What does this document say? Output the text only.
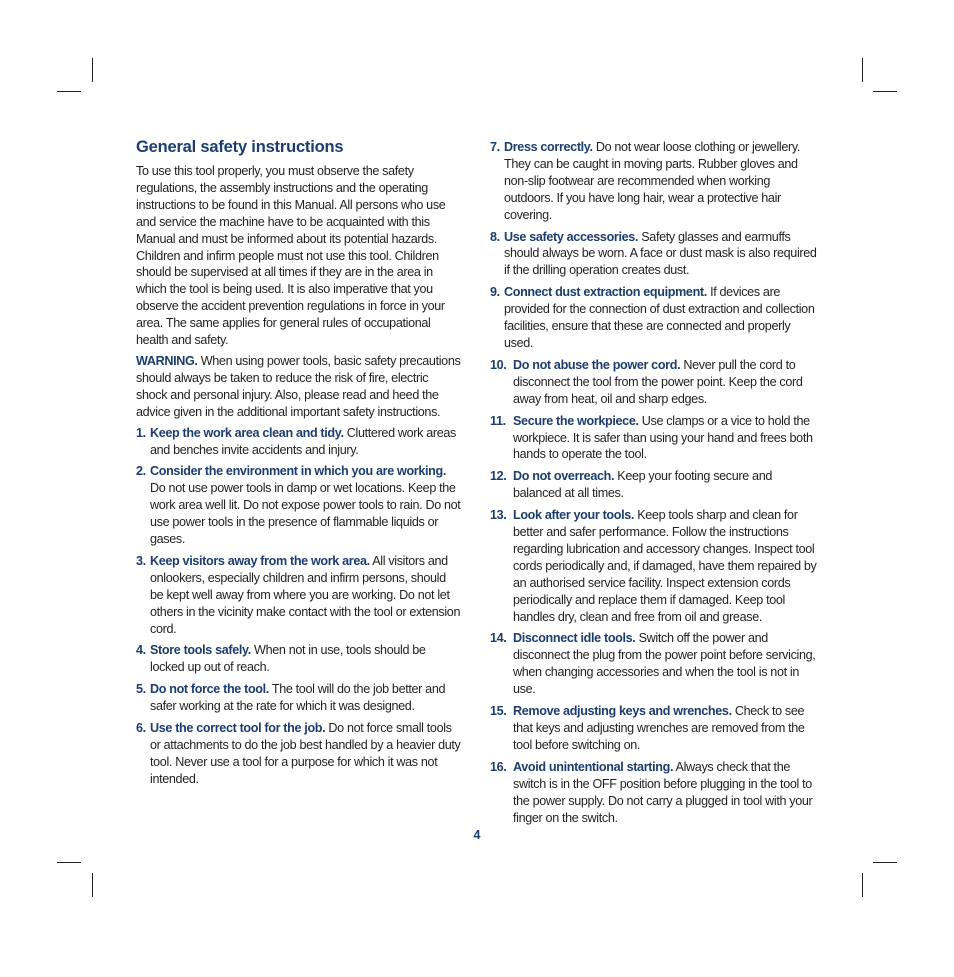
General safety instructions

To use this tool properly, you must observe the safety regulations, the assembly instructions and the operating instructions to be found in this Manual. All persons who use and service the machine have to be acquainted with this Manual and must be informed about its potential hazards. Children and infirm people must not use this tool. Children should be supervised at all times if they are in the area in which the tool is being used. It is also imperative that you observe the accident prevention regulations in force in your area. The same applies for general rules of occupational health and safety.

WARNING. When using power tools, basic safety precautions should always be taken to reduce the risk of fire, electric shock and personal injury. Also, please read and heed the advice given in the additional important safety instructions.

1. Keep the work area clean and tidy. Cluttered work areas and benches invite accidents and injury.
2. Consider the environment in which you are working. Do not use power tools in damp or wet locations. Keep the work area well lit. Do not expose power tools to rain. Do not use power tools in the presence of flammable liquids or gases.
3. Keep visitors away from the work area. All visitors and onlookers, especially children and infirm persons, should be kept well away from where you are working. Do not let others in the vicinity make contact with the tool or extension cord.
4. Store tools safely. When not in use, tools should be locked up out of reach.
5. Do not force the tool. The tool will do the job better and safer working at the rate for which it was designed.
6. Use the correct tool for the job. Do not force small tools or attachments to do the job best handled by a heavier duty tool. Never use a tool for a purpose for which it was not intended.
7. Dress correctly. Do not wear loose clothing or jewellery. They can be caught in moving parts. Rubber gloves and non-slip footwear are recommended when working outdoors. If you have long hair, wear a protective hair covering.
8. Use safety accessories. Safety glasses and earmuffs should always be worn. A face or dust mask is also required if the drilling operation creates dust.
9. Connect dust extraction equipment. If devices are provided for the connection of dust extraction and collection facilities, ensure that these are connected and properly used.
10. Do not abuse the power cord. Never pull the cord to disconnect the tool from the power point. Keep the cord away from heat, oil and sharp edges.
11. Secure the workpiece. Use clamps or a vice to hold the workpiece. It is safer than using your hand and frees both hands to operate the tool.
12. Do not overreach. Keep your footing secure and balanced at all times.
13. Look after your tools. Keep tools sharp and clean for better and safer performance. Follow the instructions regarding lubrication and accessory changes. Inspect tool cords periodically and, if damaged, have them repaired by an authorised service facility. Inspect extension cords periodically and replace them if damaged. Keep tool handles dry, clean and free from oil and grease.
14. Disconnect idle tools. Switch off the power and disconnect the plug from the power point before servicing, when changing accessories and when the tool is not in use.
15. Remove adjusting keys and wrenches. Check to see that keys and adjusting wrenches are removed from the tool before switching on.
16. Avoid unintentional starting. Always check that the switch is in the OFF position before plugging in the tool to the power supply. Do not carry a plugged in tool with your finger on the switch.
4
